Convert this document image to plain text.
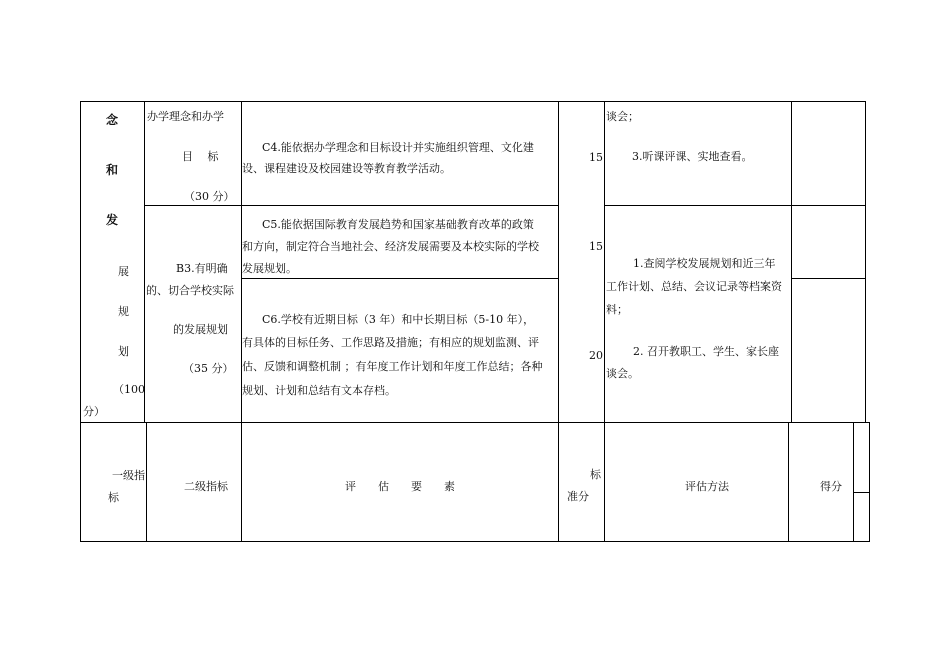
念
和
发
展
规
划
（100
分）
办学理念和办学
目　 标
（30 分）
C4.能依据办学理念和目标设计并实施组织管理、文化建
设、课程建设及校园建设等教育教学活动。
15
谈会；
3.听课评课、实地查看。
B3.有明确
的、切合学校实际
的发展规划
（35 分）
C5.能依据国际教育发展趋势和国家基础教育改革的政策
和方向，制定符合当地社会、经济发展需要及本校实际的学校
发展规划。
15
1.查阅学校发展规划和近三年
工作计划、总结、会议记录等档案资
料；
2. 召开教职工、学生、家长座
谈会。
C6.学校有近期目标（3 年）和中长期目标（5-10 年），
有具体的目标任务、工作思路及措施；有相应的规划监测、评
估、反馈和调整机制 ；有年度工作计划和年度工作总结；各种
规划、计划和总结有文本存档。
20
一级指
标
二级指标	评　　估　　要　　素
标
准分
评估方法	得分
